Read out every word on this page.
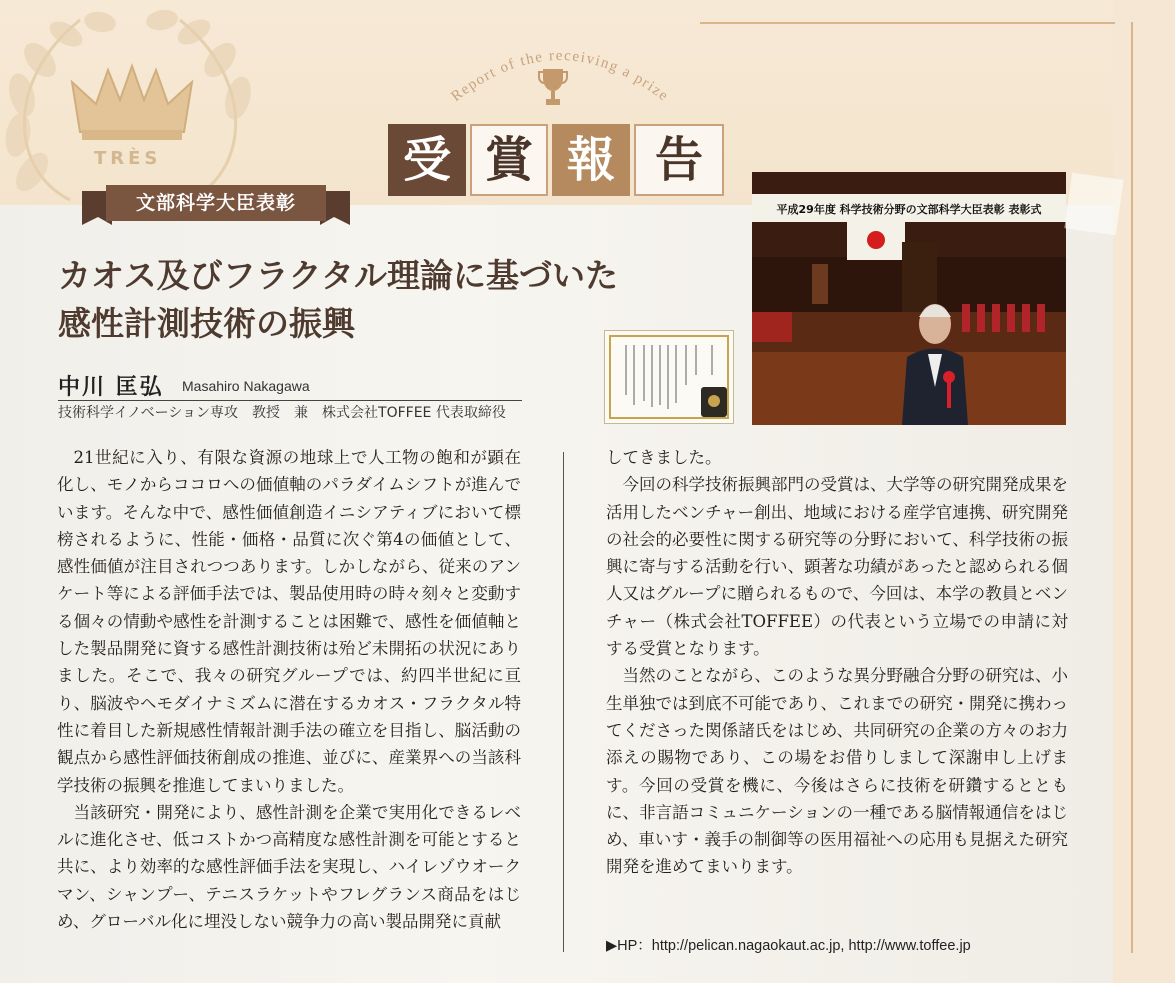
TRÈS
文部科学大臣表彰
Report of the receiving a prize
受 賞 報 告
カオス及びフラクタル理論に基づいた
感性計測技術の振興
中川 匡弘 Masahiro Nakagawa
技術科学イノベーション専攻　教授　兼　株式会社TOFFEE 代表取締役
平成29年度 科学技術分野の文部科学大臣表彰 表彰式

21世紀に入り、有限な資源の地球上で人工物の飽和が顕在化し、モノからココロへの価値軸のパラダイムシフトが進んでいます。そんな中で、感性価値創造イニシアティブにおいて標榜されるように、性能・価格・品質に次ぐ第4の価値として、感性価値が注目されつつあります。しかしながら、従来のアンケート等による評価手法では、製品使用時の時々刻々と変動する個々の情動や感性を計測することは困難で、感性を価値軸とした製品開発に資する感性計測技術は殆ど未開拓の状況にありました。そこで、我々の研究グループでは、約四半世紀に亘り、脳波やヘモダイナミズムに潜在するカオス・フラクタル特性に着目した新規感性情報計測手法の確立を目指し、脳活動の観点から感性評価技術創成の推進、並びに、産業界への当該科学技術の振興を推進してまいりました。

当該研究・開発により、感性計測を企業で実用化できるレベルに進化させ、低コストかつ高精度な感性計測を可能とすると共に、より効率的な感性評価手法を実現し、ハイレゾウオークマン、シャンプー、テニスラケットやフレグランス商品をはじめ、グローバル化に埋没しない競争力の高い製品開発に貢献

してきました。

今回の科学技術振興部門の受賞は、大学等の研究開発成果を活用したベンチャー創出、地域における産学官連携、研究開発の社会的必要性に関する研究等の分野において、科学技術の振興に寄与する活動を行い、顕著な功績があったと認められる個人又はグループに贈られるもので、今回は、本学の教員とベンチャー（株式会社TOFFEE）の代表という立場での申請に対する受賞となります。

当然のことながら、このような異分野融合分野の研究は、小生単独では到底不可能であり、これまでの研究・開発に携わってくださった関係諸氏をはじめ、共同研究の企業の方々のお力添えの賜物であり、この場をお借りしまして深謝申し上げます。今回の受賞を機に、今後はさらに技術を研鑽するとともに、非言語コミュニケーションの一種である脳情報通信をはじめ、車いす・義手の制御等の医用福祉への応用も見据えた研究開発を進めてまいります。

▶HP：http://pelican.nagaokaut.ac.jp, http://www.toffee.jp
